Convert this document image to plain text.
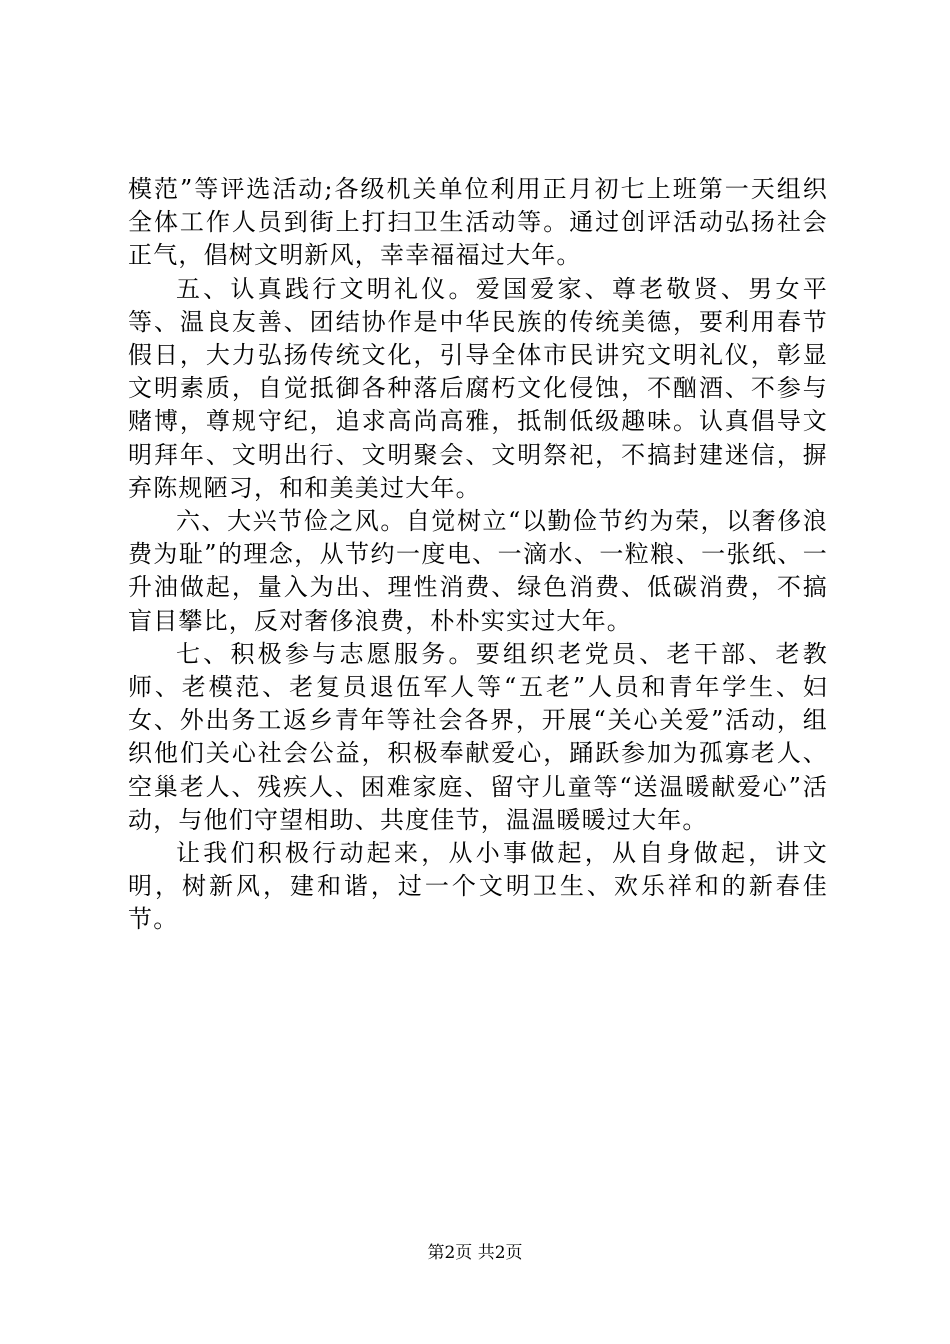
模范”等评选活动;各级机关单位利用正月初七上班第一天组织全体工作人员到街上打扫卫生活动等。通过创评活动弘扬社会正气，倡树文明新风，幸幸福福过大年。

五、认真践行文明礼仪。爱国爱家、尊老敬贤、男女平等、温良友善、团结协作是中华民族的传统美德，要利用春节假日，大力弘扬传统文化，引导全体市民讲究文明礼仪，彰显文明素质，自觉抵御各种落后腐朽文化侵蚀，不酗酒、不参与赌博，尊规守纪，追求高尚高雅，抵制低级趣味。认真倡导文明拜年、文明出行、文明聚会、文明祭祀，不搞封建迷信，摒弃陈规陋习，和和美美过大年。

六、大兴节俭之风。自觉树立“以勤俭节约为荣，以奢侈浪费为耻”的理念，从节约一度电、一滴水、一粒粮、一张纸、一升油做起，量入为出、理性消费、绿色消费、低碳消费，不搞盲目攀比，反对奢侈浪费，朴朴实实过大年。

七、积极参与志愿服务。要组织老党员、老干部、老教师、老模范、老复员退伍军人等“五老”人员和青年学生、妇女、外出务工返乡青年等社会各界，开展“关心关爱”活动，组织他们关心社会公益，积极奉献爱心，踊跃参加为孤寡老人、空巢老人、残疾人、困难家庭、留守儿童等“送温暖献爱心”活动，与他们守望相助、共度佳节，温温暖暖过大年。

让我们积极行动起来，从小事做起，从自身做起，讲文明，树新风，建和谐，过一个文明卫生、欢乐祥和的新春佳节。

第2页 共2页
